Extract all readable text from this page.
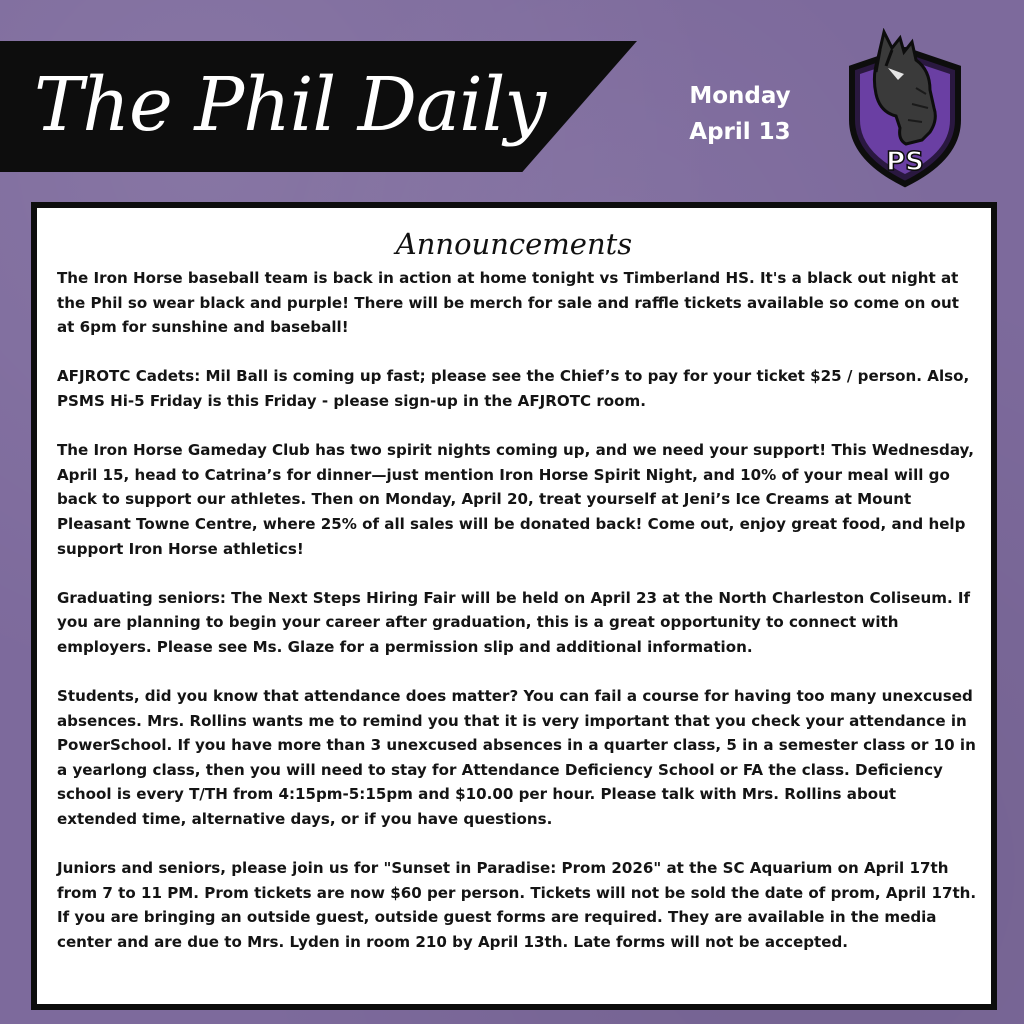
The Phil Daily	Monday
April 13
PS
Announcements

The Iron Horse baseball team is back in action at home tonight vs Timberland HS. It's a black out night at the Phil so wear black and purple! There will be merch for sale and raffle tickets available so come on out at 6pm for sunshine and baseball!

AFJROTC Cadets: Mil Ball is coming up fast; please see the Chief’s to pay for your ticket $25 / person. Also, PSMS Hi-5 Friday is this Friday - please sign-up in the AFJROTC room.

The Iron Horse Gameday Club has two spirit nights coming up, and we need your support! This Wednesday, April 15, head to Catrina’s for dinner—just mention Iron Horse Spirit Night, and 10% of your meal will go back to support our athletes. Then on Monday, April 20, treat yourself at Jeni’s Ice Creams at Mount Pleasant Towne Centre, where 25% of all sales will be donated back! Come out, enjoy great food, and help support Iron Horse athletics!

Graduating seniors: The Next Steps Hiring Fair will be held on April 23 at the North Charleston Coliseum. If you are planning to begin your career after graduation, this is a great opportunity to connect with employers. Please see Ms. Glaze for a permission slip and additional information.

Students, did you know that attendance does matter? You can fail a course for having too many unexcused absences. Mrs. Rollins wants me to remind you that it is very important that you check your attendance in PowerSchool. If you have more than 3 unexcused absences in a quarter class, 5 in a semester class or 10 in a yearlong class, then you will need to stay for Attendance Deficiency School or FA the class. Deficiency school is every T/TH from 4:15pm-5:15pm and $10.00 per hour. Please talk with Mrs. Rollins about extended time, alternative days, or if you have questions.

Juniors and seniors, please join us for "Sunset in Paradise: Prom 2026" at the SC Aquarium on April 17th from 7 to 11 PM. Prom tickets are now $60 per person. Tickets will not be sold the date of prom, April 17th. If you are bringing an outside guest, outside guest forms are required. They are available in the media center and are due to Mrs. Lyden in room 210 by April 13th. Late forms will not be accepted.
